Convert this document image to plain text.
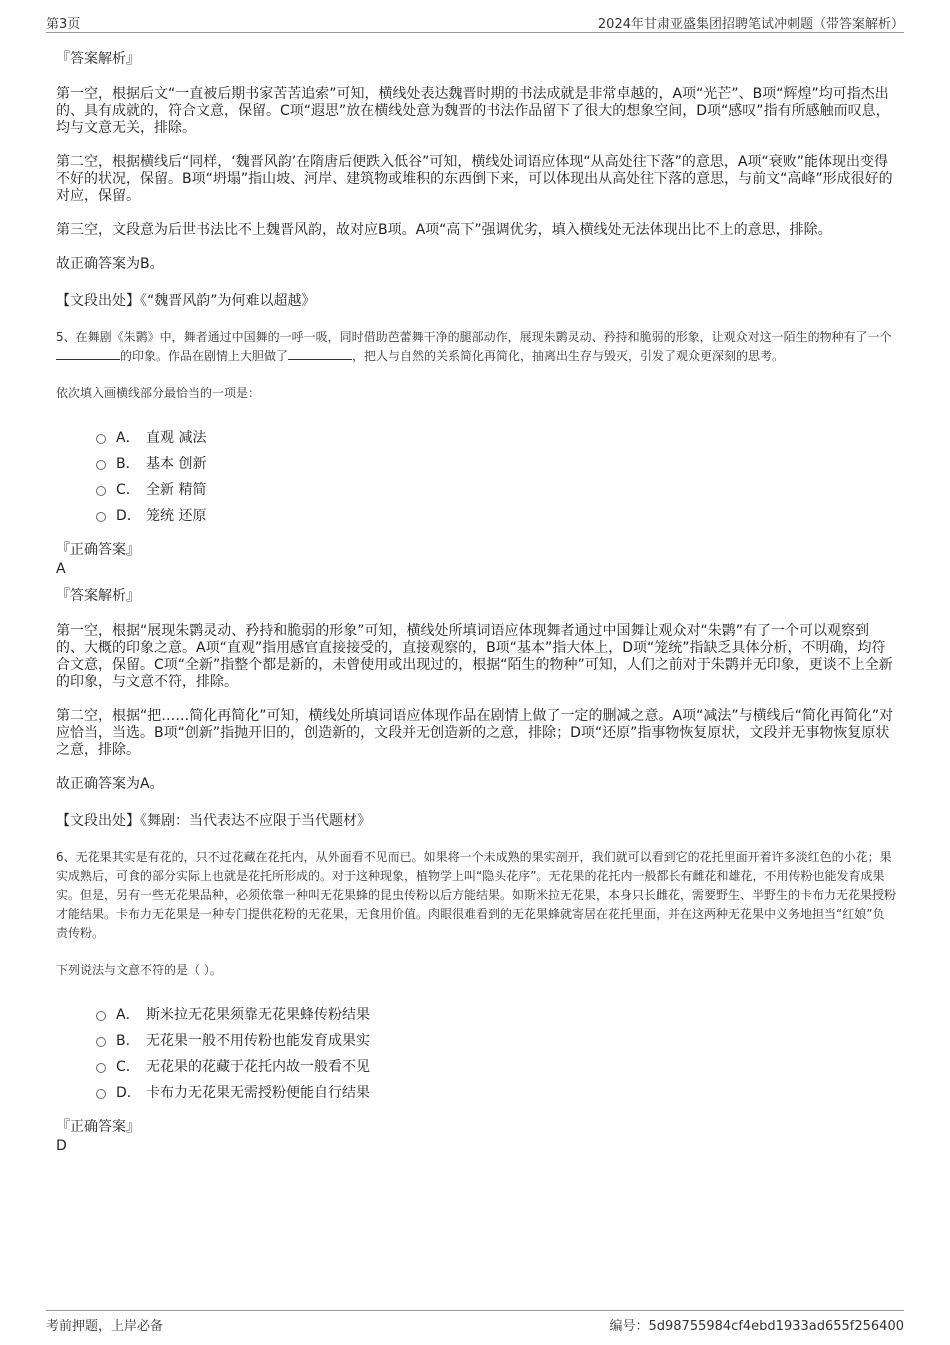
第3页	2024年甘肃亚盛集团招聘笔试冲刺题（带答案解析）
『答案解析』

第一空，根据后文“一直被后期书家苦苦追索”可知，横线处表达魏晋时期的书法成就是非常卓越的，A项“光芒”、B项“辉煌”均可指杰出的、具有成就的，符合文意，保留。C项“遐思”放在横线处意为魏晋的书法作品留下了很大的想象空间，D项“感叹”指有所感触而叹息，均与文意无关，排除。

第二空，根据横线后“同样，‘魏晋风韵’在隋唐后便跌入低谷”可知，横线处词语应体现“从高处往下落”的意思，A项“衰败”能体现出变得不好的状况，保留。B项“坍塌”指山坡、河岸、建筑物或堆积的东西倒下来，可以体现出从高处往下落的意思，与前文“高峰”形成很好的对应，保留。

第三空，文段意为后世书法比不上魏晋风韵，故对应B项。A项“高下”强调优劣，填入横线处无法体现出比不上的意思，排除。

故正确答案为B。

【文段出处】《“魏晋风韵”为何难以超越》

5、在舞剧《朱鹮》中，舞者通过中国舞的一呼一吸，同时借助芭蕾舞干净的腿部动作，展现朱鹮灵动、矜持和脆弱的形象，让观众对这一陌生的物种有了一个的印象。作品在剧情上大胆做了	，把人与自然的关系简化再简化，抽离出生存与毁灭，引发了观众更深刻的思考。

依次填入画横线部分最恰当的一项是：
A． 直观 减法
B． 基本 创新
C． 全新 精简
D． 笼统 还原
『正确答案』
A
『答案解析』

第一空，根据“展现朱鹮灵动、矜持和脆弱的形象”可知，横线处所填词语应体现舞者通过中国舞让观众对“朱鹮”有了一个可以观察到的、大概的印象之意。A项“直观”指用感官直接接受的，直接观察的，B项“基本”指大体上，D项“笼统”指缺乏具体分析，不明确，均符合文意，保留。C项“全新”指整个都是新的，未曾使用或出现过的，根据“陌生的物种”可知，人们之前对于朱鹮并无印象，更谈不上全新的印象，与文意不符，排除。

第二空，根据“把……简化再简化”可知，横线处所填词语应体现作品在剧情上做了一定的删减之意。A项“减法”与横线后“简化再简化”对应恰当，当选。B项“创新”指抛开旧的，创造新的，文段并无创造新的之意，排除；D项“还原”指事物恢复原状，文段并无事物恢复原状之意，排除。

故正确答案为A。

【文段出处】《舞剧：当代表达不应限于当代题材》

6、无花果其实是有花的，只不过花藏在花托内，从外面看不见而已。如果将一个未成熟的果实剖开，我们就可以看到它的花托里面开着许多淡红色的小花；果实成熟后，可食的部分实际上也就是花托所形成的。对于这种现象，植物学上叫“隐头花序”。无花果的花托内一般都长有雌花和雄花，不用传粉也能发育成果实。但是，另有一些无花果品种，必须依靠一种叫无花果蜂的昆虫传粉以后方能结果。如斯米拉无花果，本身只长雌花，需要野生、半野生的卡布力无花果授粉才能结果。卡布力无花果是一种专门提供花粉的无花果，无食用价值。肉眼很难看到的无花果蜂就寄居在花托里面，并在这两种无花果中义务地担当“红娘”负责传粉。

下列说法与文意不符的是（ ）。
A． 斯米拉无花果须靠无花果蜂传粉结果
B． 无花果一般不用传粉也能发育成果实
C． 无花果的花藏于花托内故一般看不见
D． 卡布力无花果无需授粉便能自行结果
『正确答案』
D
考前押题，上岸必备	编号：5d98755984cf4ebd1933ad655f256400
